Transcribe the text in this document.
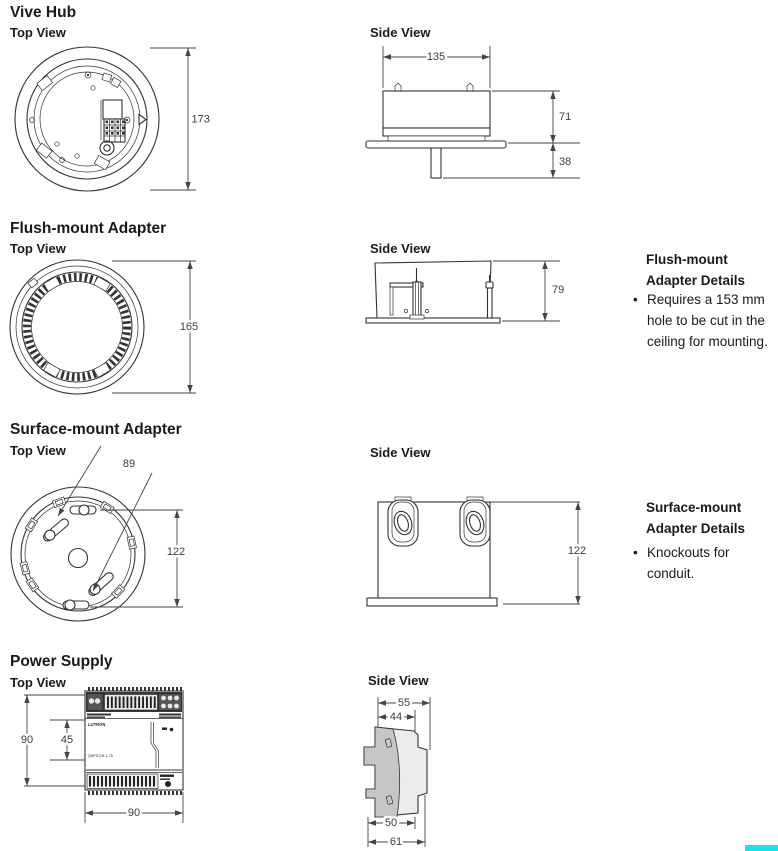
173
135
71
38
165
79
89
122	122
LUTRON
QSPS-DH-1-75
90	45
90
55
44
50
61
Vive Hub
Top View	Side View
Flush-mount Adapter
Top View	Side View
Flush-mount Adapter Details
• Requires a 153 mm hole to be cut in the ceiling for mounting.
Surface-mount Adapter
Top View	Side View
Surface-mount Adapter Details
• Knockouts for conduit.
Power Supply
Top View	Side View
